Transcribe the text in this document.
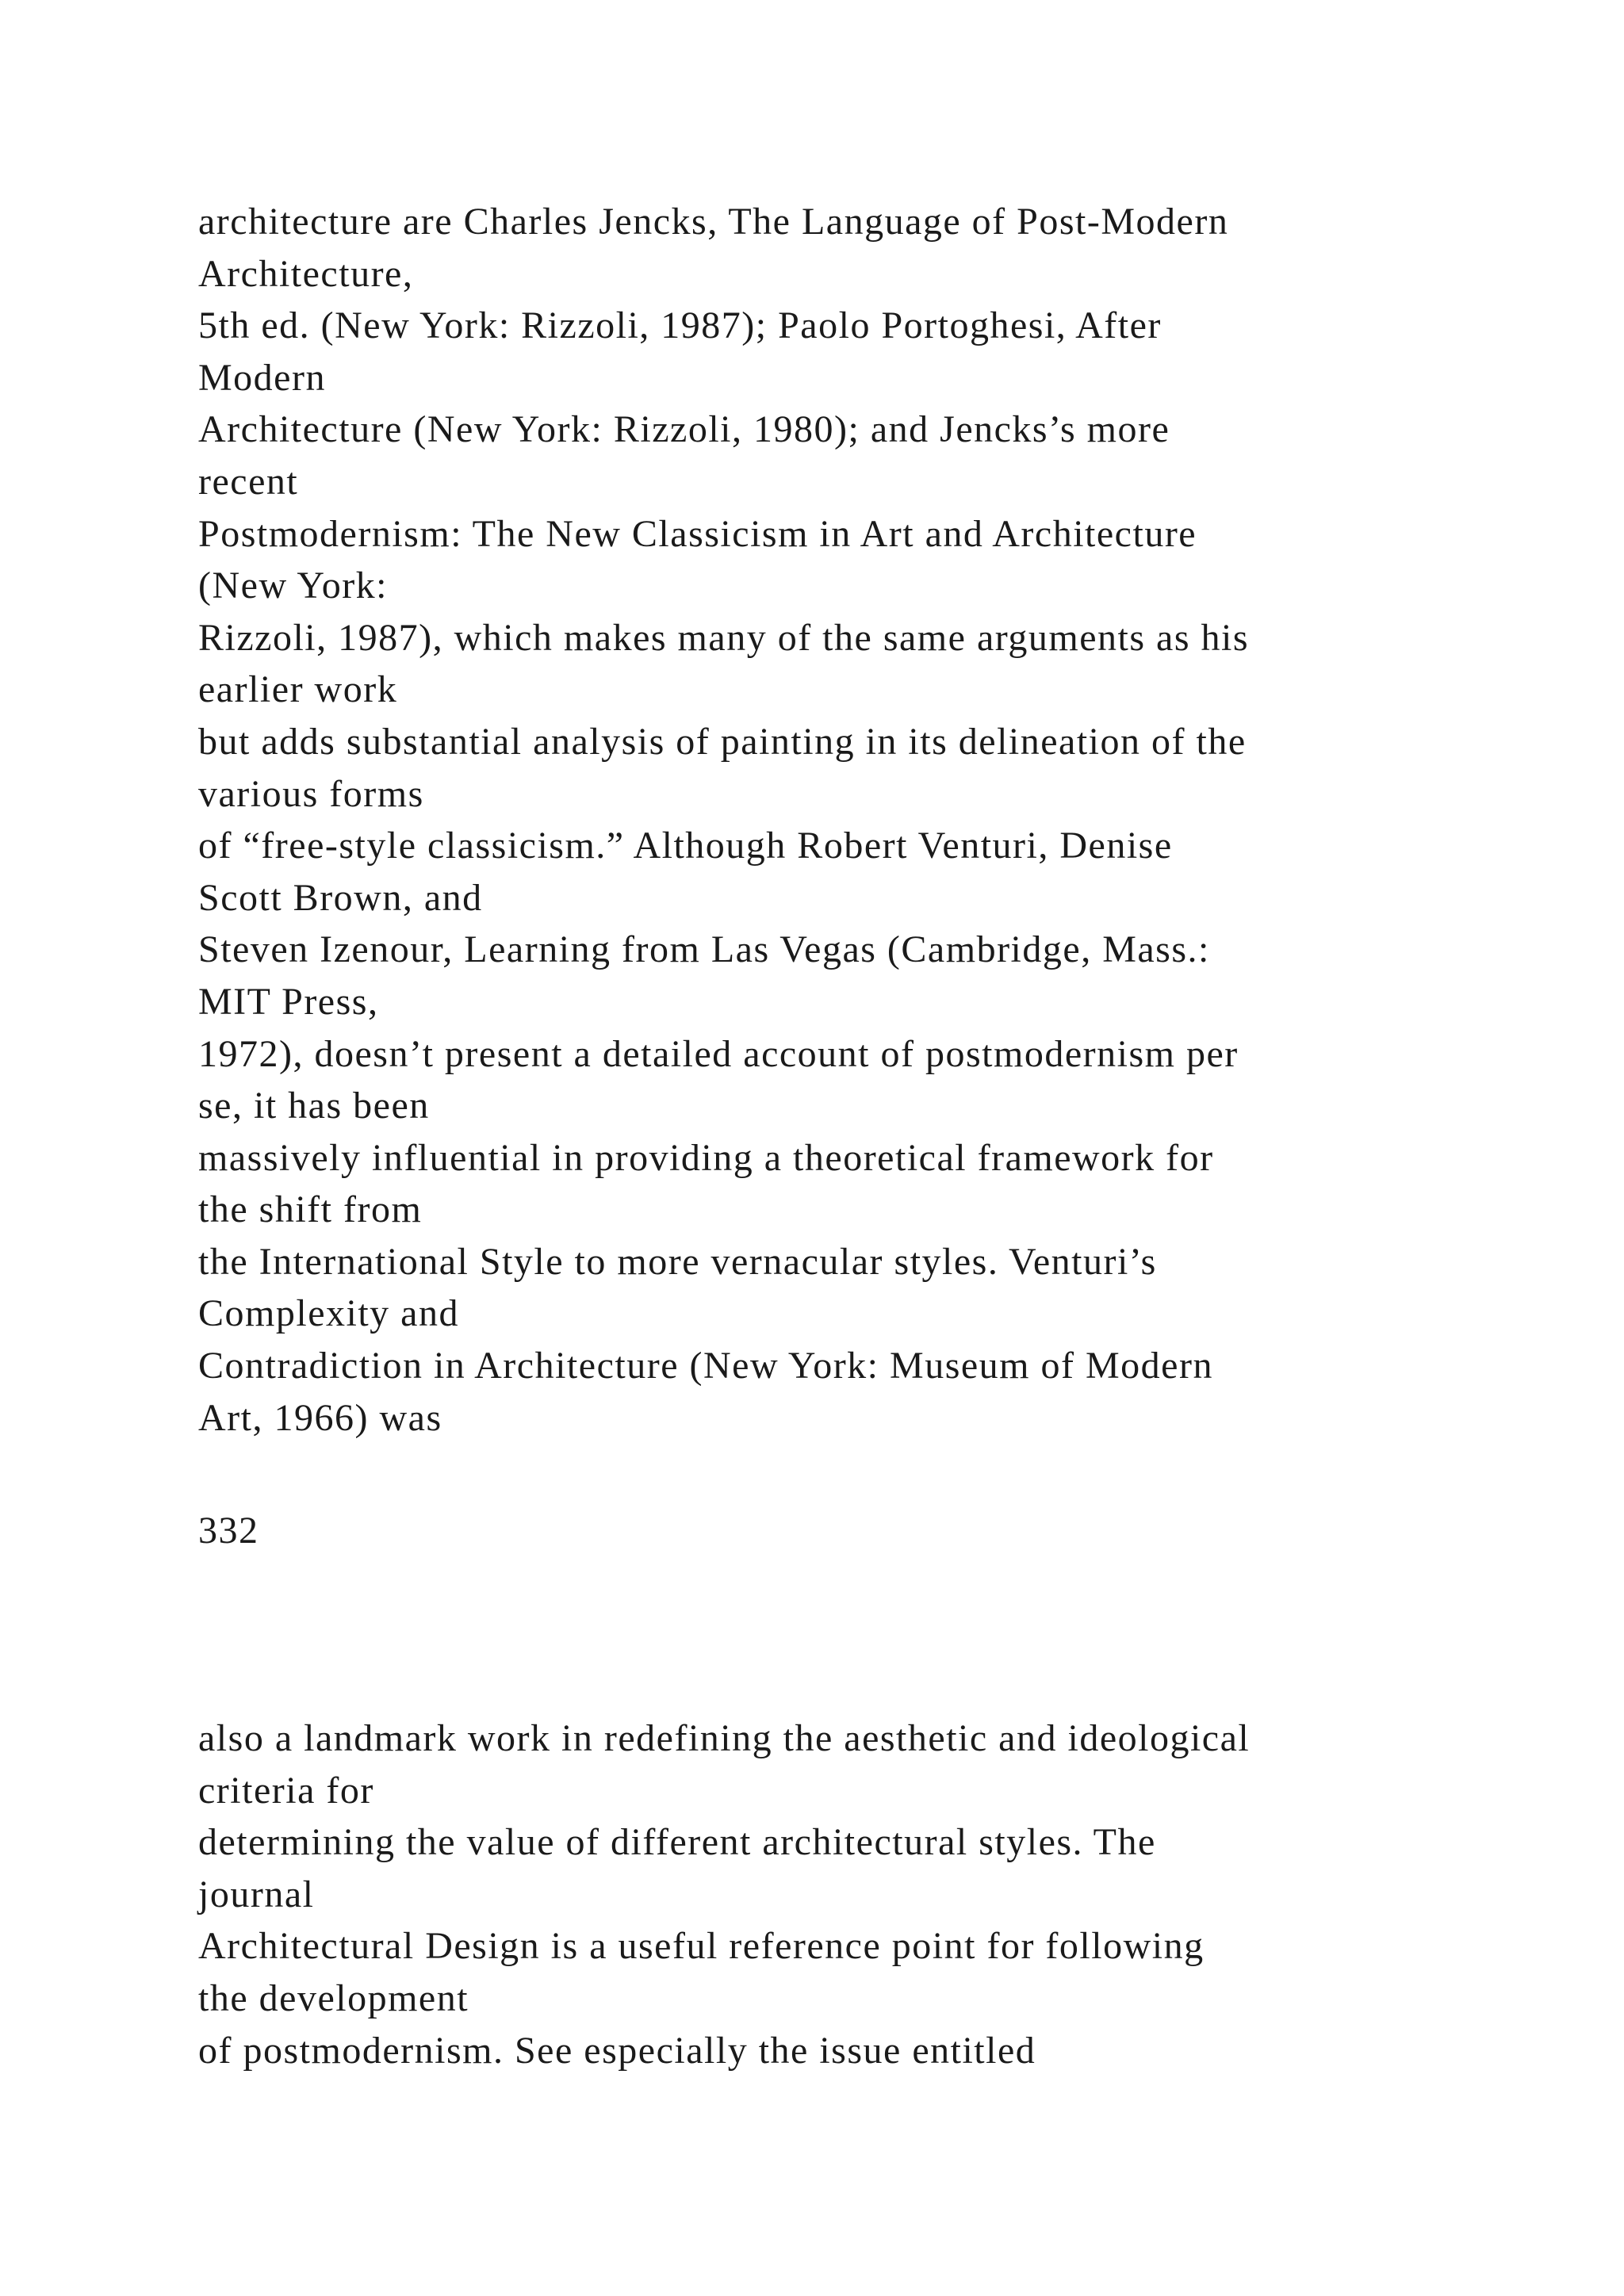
architecture are Charles Jencks, The Language of Post-Modern
Architecture,
5th ed. (New York: Rizzoli, 1987); Paolo Portoghesi, After
Modern
Architecture (New York: Rizzoli, 1980); and Jencks’s more
recent
Postmodernism: The New Classicism in Art and Architecture
(New York:
Rizzoli, 1987), which makes many of the same arguments as his
earlier work
but adds substantial analysis of painting in its delineation of the
various forms
of “free-style classicism.” Although Robert Venturi, Denise
Scott Brown, and
Steven Izenour, Learning from Las Vegas (Cambridge, Mass.:
MIT Press,
1972), doesn’t present a detailed account of postmodernism per
se, it has been
massively influential in providing a theoretical framework for
the shift from
the International Style to more vernacular styles. Venturi’s
Complexity and
Contradiction in Architecture (New York: Museum of Modern
Art, 1966) was
332
also a landmark work in redefining the aesthetic and ideological
criteria for
determining the value of different architectural styles. The
journal
Architectural Design is a useful reference point for following
the development
of postmodernism. See especially the issue entitled
